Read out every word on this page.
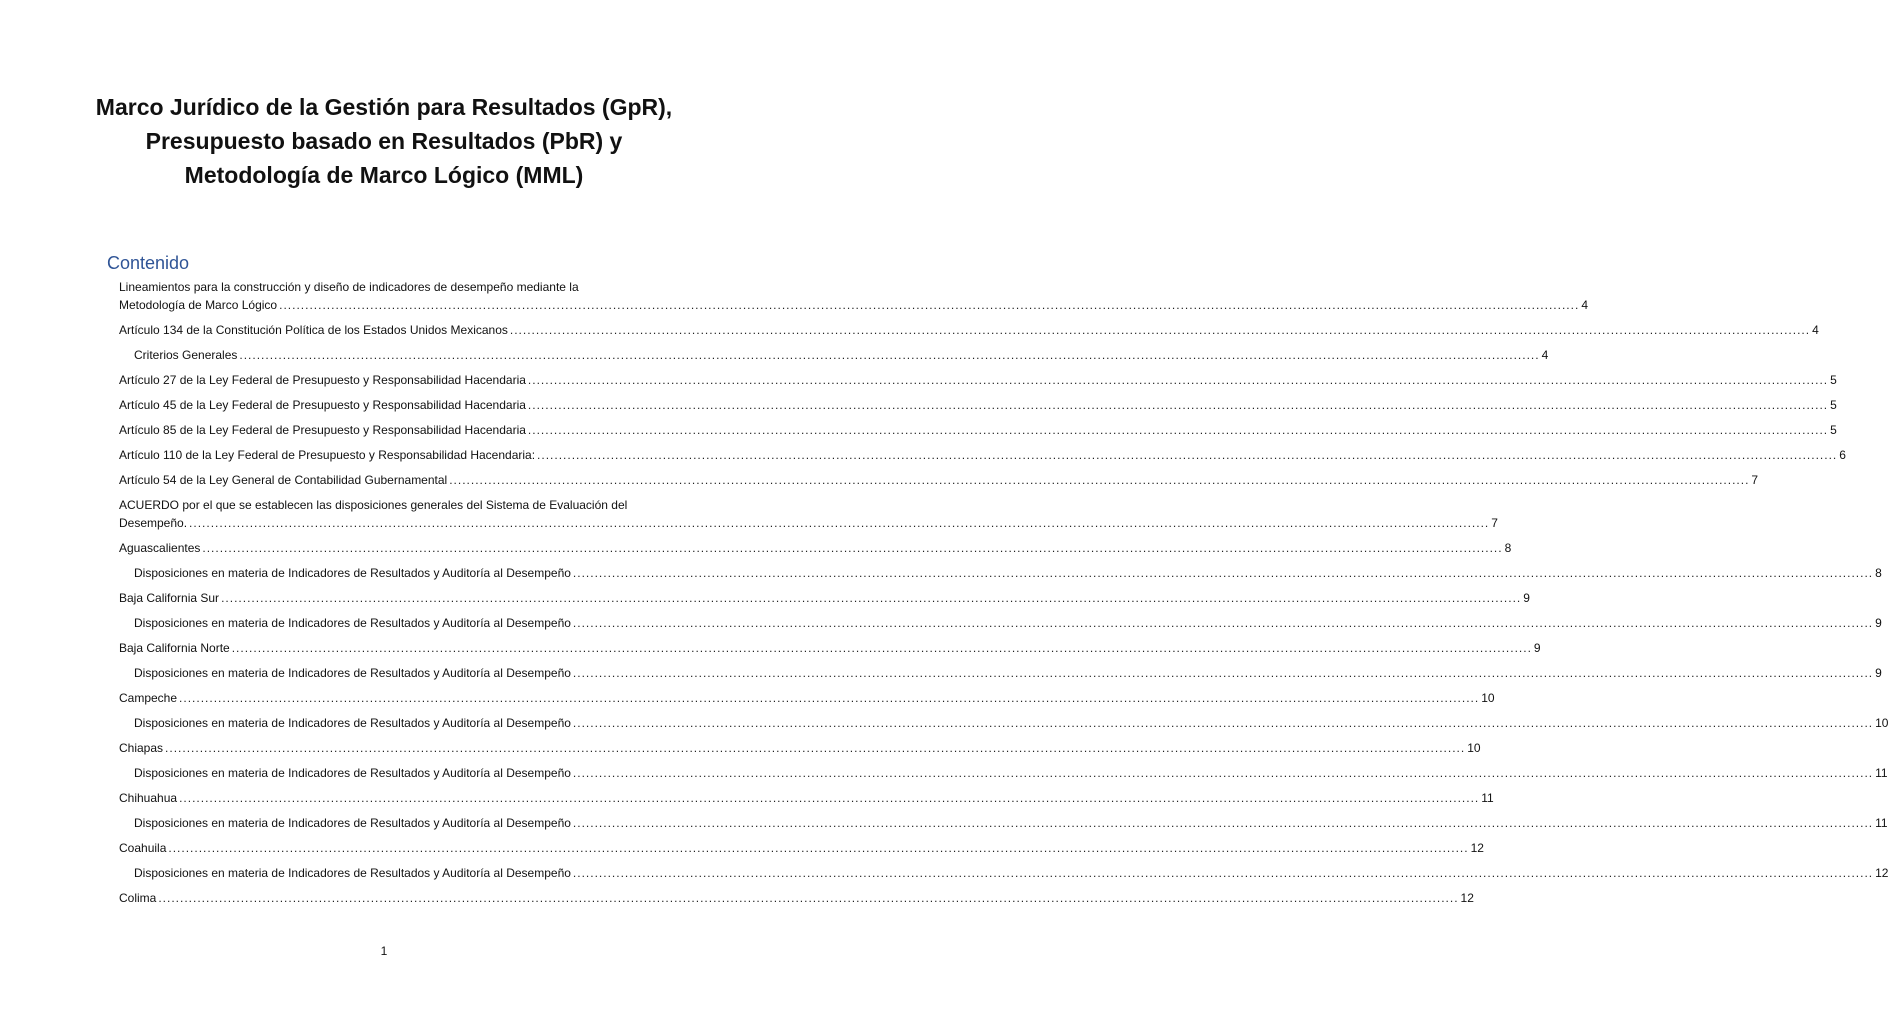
Marco Jurídico de la Gestión para Resultados (GpR),
Presupuesto basado en Resultados (PbR) y
Metodología de Marco Lógico (MML)
Contenido
Lineamientos para la construcción y diseño de indicadores de desempeño mediante la
Metodología de Marco Lógico ............................................................................................................................................................................................................................................................................................................ 4
Artículo 134 de la Constitución Política de los Estados Unidos Mexicanos ............................................................................................................................................................................................................................................................................................................ 4
Criterios Generales ............................................................................................................................................................................................................................................................................................................ 4
Artículo 27 de la Ley Federal de Presupuesto y Responsabilidad Hacendaria ............................................................................................................................................................................................................................................................................................................ 5
Artículo 45 de la Ley Federal de Presupuesto y Responsabilidad Hacendaria ............................................................................................................................................................................................................................................................................................................ 5
Artículo 85 de la Ley Federal de Presupuesto y Responsabilidad Hacendaria ............................................................................................................................................................................................................................................................................................................ 5
Artículo 110 de la Ley Federal de Presupuesto y Responsabilidad Hacendaria: ............................................................................................................................................................................................................................................................................................................ 6
Artículo 54 de la Ley General de Contabilidad Gubernamental ............................................................................................................................................................................................................................................................................................................ 7
ACUERDO por el que se establecen las disposiciones generales del Sistema de Evaluación del
Desempeño. ............................................................................................................................................................................................................................................................................................................ 7
Aguascalientes ............................................................................................................................................................................................................................................................................................................ 8
Disposiciones en materia de Indicadores de Resultados y Auditoría al Desempeño ............................................................................................................................................................................................................................................................................................................ 8
Baja California Sur ............................................................................................................................................................................................................................................................................................................ 9
Disposiciones en materia de Indicadores de Resultados y Auditoría al Desempeño ............................................................................................................................................................................................................................................................................................................ 9
Baja California Norte ............................................................................................................................................................................................................................................................................................................ 9
Disposiciones en materia de Indicadores de Resultados y Auditoría al Desempeño ............................................................................................................................................................................................................................................................................................................ 9
Campeche ............................................................................................................................................................................................................................................................................................................ 10
Disposiciones en materia de Indicadores de Resultados y Auditoría al Desempeño ............................................................................................................................................................................................................................................................................................................ 10
Chiapas ............................................................................................................................................................................................................................................................................................................ 10
Disposiciones en materia de Indicadores de Resultados y Auditoría al Desempeño ............................................................................................................................................................................................................................................................................................................ 11
Chihuahua ............................................................................................................................................................................................................................................................................................................ 11
Disposiciones en materia de Indicadores de Resultados y Auditoría al Desempeño ............................................................................................................................................................................................................................................................................................................ 11
Coahuila ............................................................................................................................................................................................................................................................................................................ 12
Disposiciones en materia de Indicadores de Resultados y Auditoría al Desempeño ............................................................................................................................................................................................................................................................................................................ 12
Colima ............................................................................................................................................................................................................................................................................................................ 12
1
